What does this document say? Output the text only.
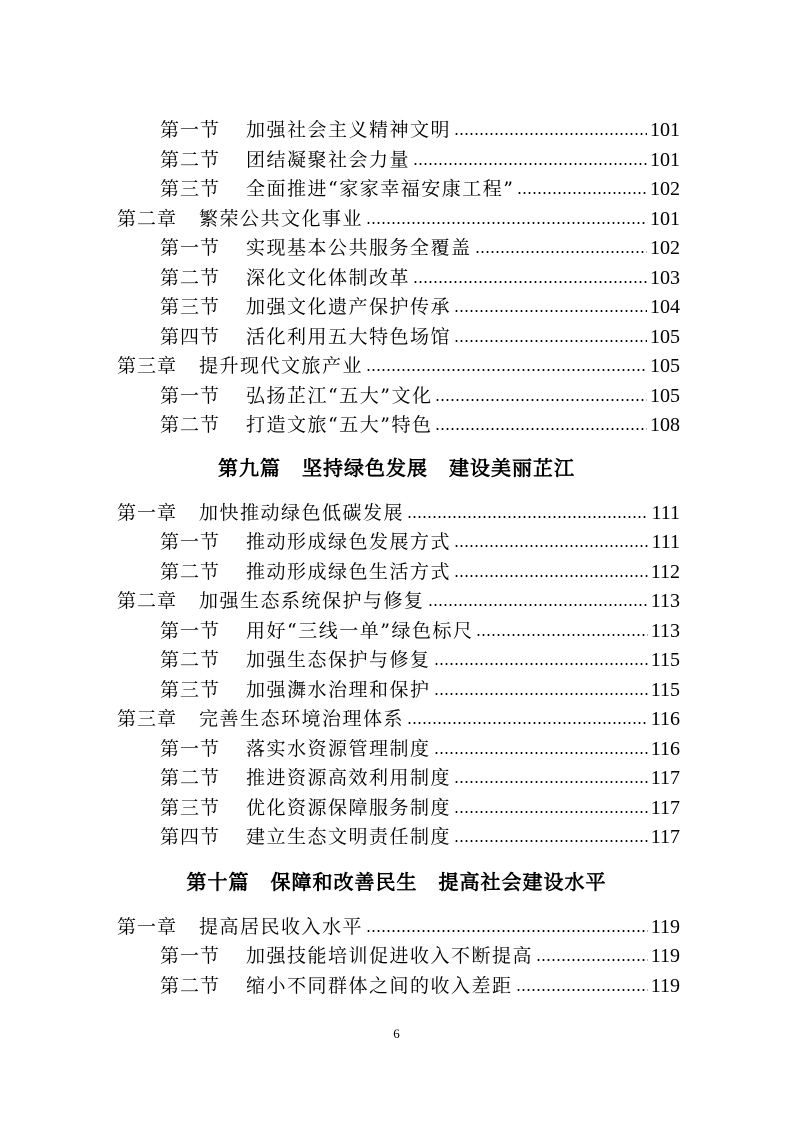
第一节 加强社会主义精神文明	101
第二节 团结凝聚社会力量	101
第三节 全面推进“家家幸福安康工程”	102
第二章 繁荣公共文化事业	101
第一节 实现基本公共服务全覆盖	102
第二节 深化文化体制改革	103
第三节 加强文化遗产保护传承	104
第四节 活化利用五大特色场馆	105
第三章 提升现代文旅产业	105
第一节 弘扬芷江“五大”文化	105
第二节 打造文旅“五大”特色	108
第九篇　坚持绿色发展　建设美丽芷江
第一章 加快推动绿色低碳发展	111
第一节 推动形成绿色发展方式	111
第二节 推动形成绿色生活方式	112
第二章 加强生态系统保护与修复	113
第一节 用好“三线一单”绿色标尺	113
第二节 加强生态保护与修复	115
第三节 加强㵲水治理和保护	115
第三章 完善生态环境治理体系	116
第一节 落实水资源管理制度	116
第二节 推进资源高效利用制度	117
第三节 优化资源保障服务制度	117
第四节 建立生态文明责任制度	117
第十篇　保障和改善民生　提高社会建设水平
第一章 提高居民收入水平	119
第一节 加强技能培训促进收入不断提高	119
第二节 缩小不同群体之间的收入差距	119
6
